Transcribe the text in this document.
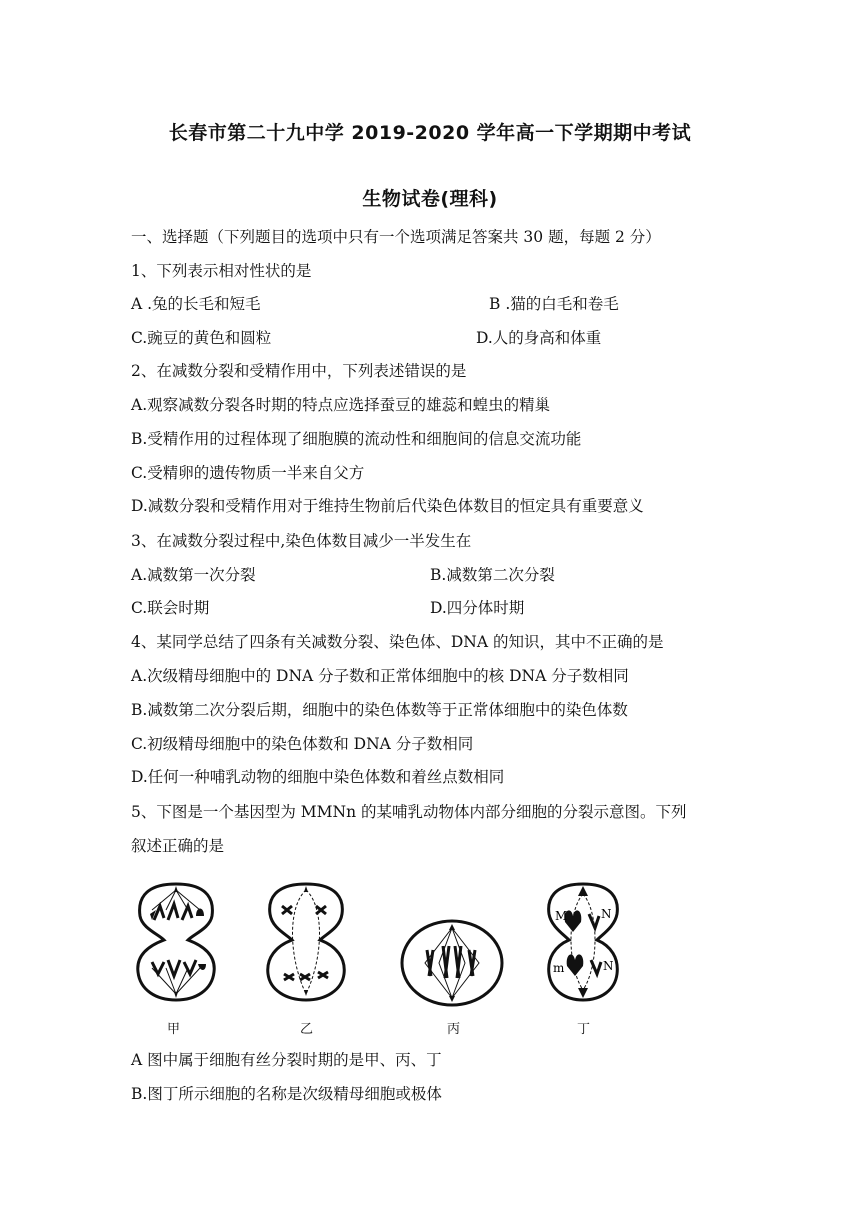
长春市第二十九中学 2019-2020 学年高一下学期期中考试
生物试卷(理科)
一、选择题（下列题目的选项中只有一个选项满足答案共 30 题，每题 2 分）
1、下列表示相对性状的是
A .兔的长毛和短毛	B .猫的白毛和卷毛
C.豌豆的黄色和圆粒	D.人的身高和体重
2、在减数分裂和受精作用中，下列表述错误的是
A.观察减数分裂各时期的特点应选择蚕豆的雄蕊和蝗虫的精巢
B.受精作用的过程体现了细胞膜的流动性和细胞间的信息交流功能
C.受精卵的遗传物质一半来自父方
D.减数分裂和受精作用对于维持生物前后代染色体数目的恒定具有重要意义
3、在减数分裂过程中,染色体数目减少一半发生在
A.减数第一次分裂	B.减数第二次分裂
C.联会时期	D.四分体时期
4、某同学总结了四条有关减数分裂、染色体、DNA 的知识，其中不正确的是
A.次级精母细胞中的 DNA 分子数和正常体细胞中的核 DNA 分子数相同
B.减数第二次分裂后期，细胞中的染色体数等于正常体细胞中的染色体数
C.初级精母细胞中的染色体数和 DNA 分子数相同
D.任何一种哺乳动物的细胞中染色体数和着丝点数相同
5、下图是一个基因型为 MMNn 的某哺乳动物体内部分细胞的分裂示意图。下列
叙述正确的是
M	N
m	N
甲	乙	丙	丁
A 图中属于细胞有丝分裂时期的是甲、丙、丁
B.图丁所示细胞的名称是次级精母细胞或极体
